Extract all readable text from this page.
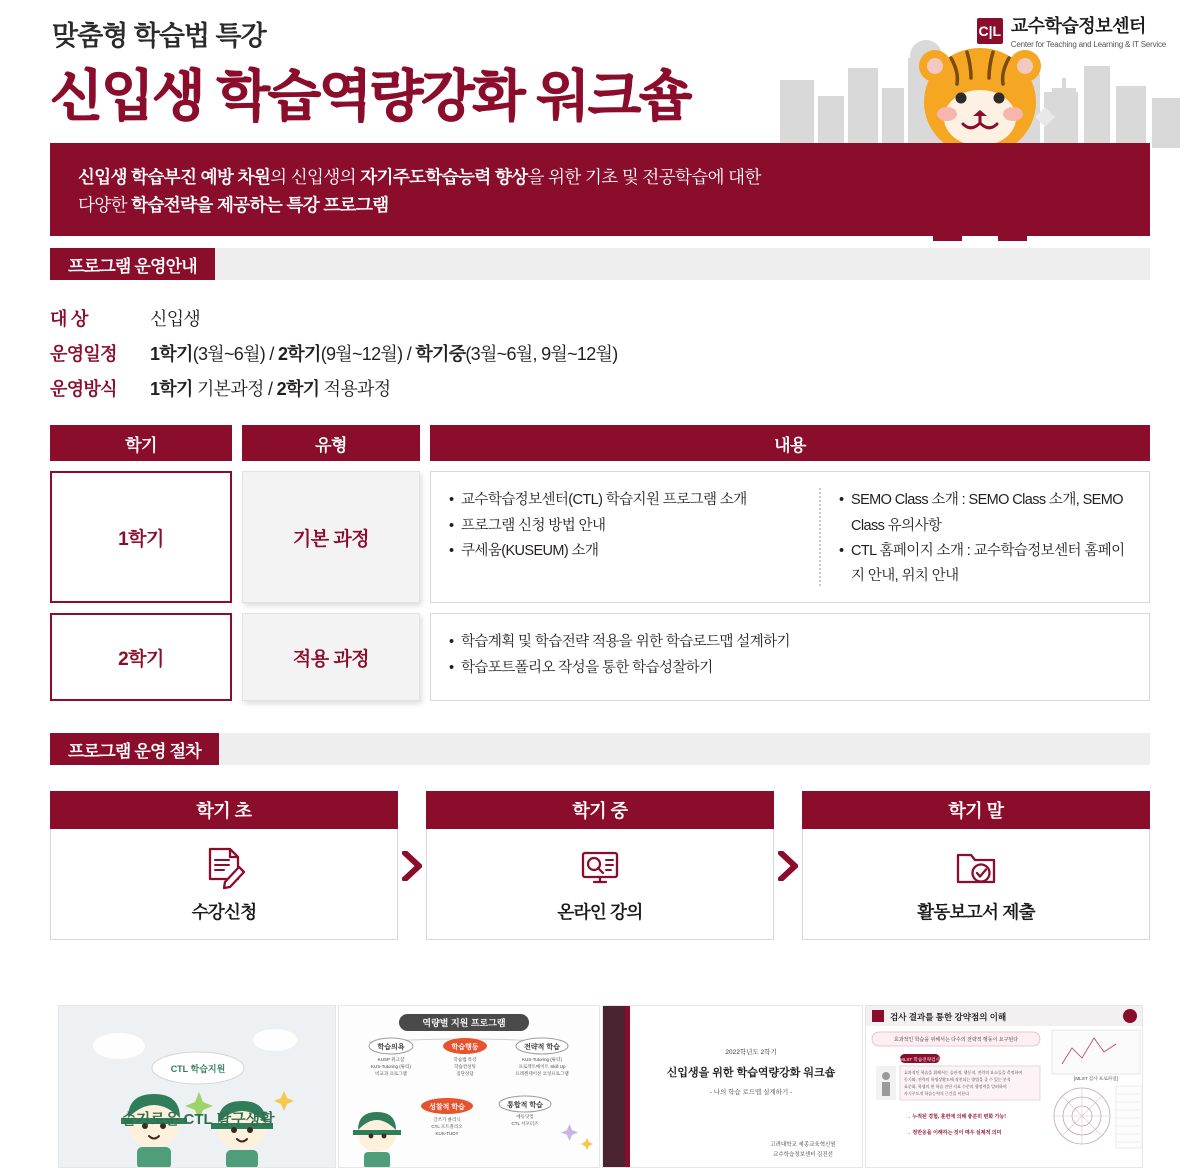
맞춤형 학습법 특강
신입생 학습역량강화 워크숍
C|L 교수학습정보센터
Center for Teaching and Learning & IT Service
신입생 학습부진 예방 차원의 신입생의 자기주도학습능력 향상을 위한 기초 및 전공학습에 대한
다양한 학습전략을 제공하는 특강 프로그램
프로그램 운영안내
대 상	신입생
운영일정	1학기(3월~6월) / 2학기(9월~12월) / 학기중(3월~6월, 9월~12월)
운영방식	1학기 기본과정 / 2학기 적용과정
학기	유형	내용
1학기	기본 과정
• 교수학습정보센터(CTL) 학습지원 프로그램 소개
• 프로그램 신청 방법 안내
• 쿠세움(KUSEUM) 소개
• SEMO Class 소개 : SEMO Class 소개, SEMO Class 유의사항
• CTL 홈페이지 소개 : 교수학습정보센터 홈페이지 안내, 위치 안내
2학기	적용 과정
• 학습계획 및 학습전략 적용을 위한 학습로드맵 설계하기
• 학습포트폴리오 작성을 통한 학습성찰하기
프로그램 운영 절차
학기 초
수강신청
학기 중
온라인 강의
학기 말
활동보고서 제출
CTL 학습지원
슬기로운 CTL 탐구생활
역량별 지원 프로그램
학습의욕	학습행동	전략적 학습
KUSP 워크샵
KUS-Tutoring (튜티)
비교과 프로그램
학습법 특강
학습컨설팅
집단상담
KUS-Tutoring (튜터)
프로젝트메이트 Skill Up
프레젠테이션 코칭프로그램
성찰적 학습	통합적 학습
글쓰기 클리닉
CTL 포트폴리오
KUS-TUDY
에듀닷컴
CTL 서포터즈
2022학년도 2학기
신입생을 위한 학습역량강화 워크숍
- 나의 학습 로드맵 설계하기 -
고려대학교 세종교육혁신원
교수학습정보센터 김진선
검사 결과를 통한 강약점의 이해
효과적인 학습을 위해서는 다수의 전략적 행동이 요구된다
MLST 학습전략검사
효과적인 학습을 위해서는 습관적, 행동적, 전략적 요소들을 측정하여
동기와, 전략의 학생상황도에 작전되는 방법을 줄 수 있는 분석
표준화, 학생의 현 학습 진단 지표 수준의 행정력을 알려하며
자기주도적 학습능력의 근간을 이룬다
→ 누적된 경험, 훈련에 의해 충분히 변화 가능!
→ 정반응을 이해하는 것이 매우 실제적 의미
[MLST 검사 프로파일]
